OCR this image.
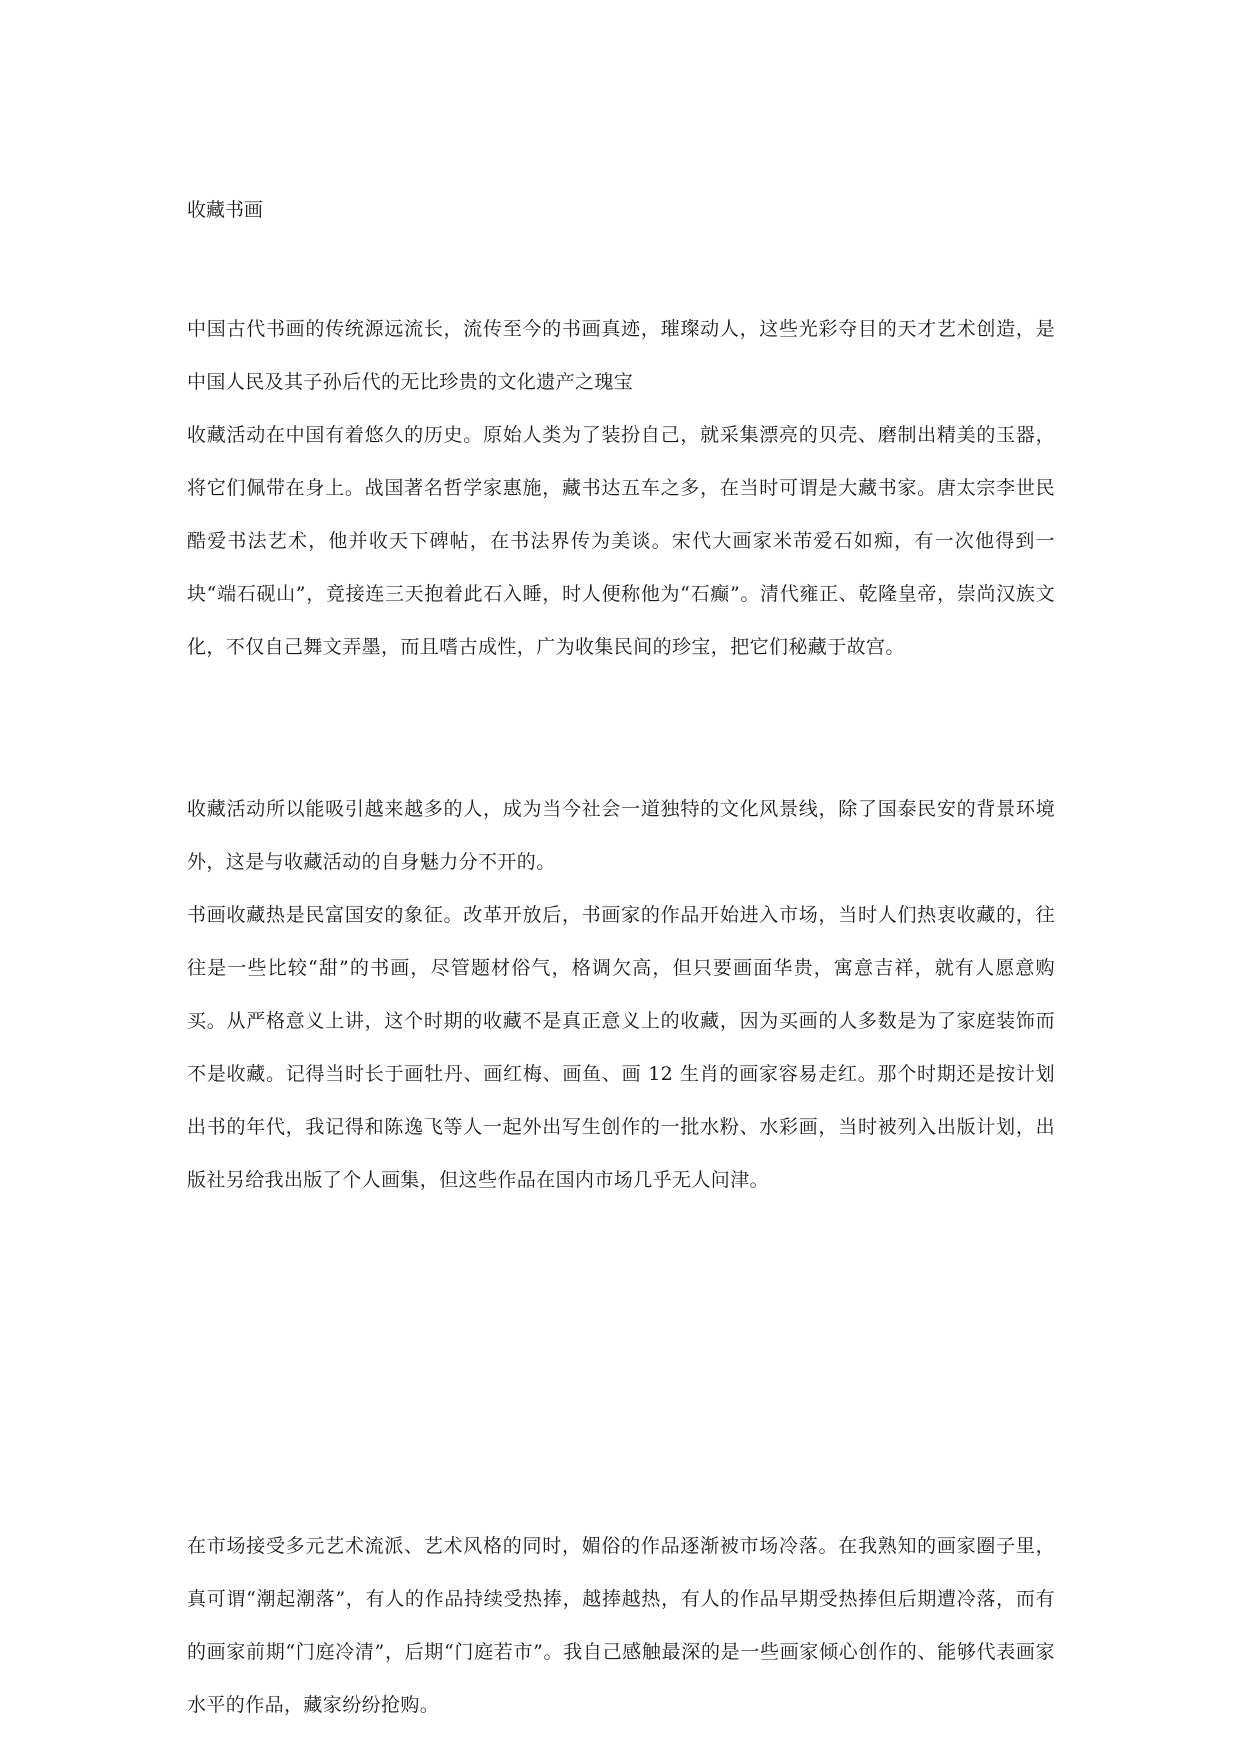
收藏书画

中国古代书画的传统源远流长，流传至今的书画真迹，璀璨动人，这些光彩夺目的天才艺术创造，是中国人民及其子孙后代的无比珍贵的文化遗产之瑰宝

收藏活动在中国有着悠久的历史。原始人类为了装扮自己，就采集漂亮的贝壳、磨制出精美的玉器，将它们佩带在身上。战国著名哲学家惠施，藏书达五车之多，在当时可谓是大藏书家。唐太宗李世民酷爱书法艺术，他并收天下碑帖，在书法界传为美谈。宋代大画家米芾爱石如痴，有一次他得到一块“端石砚山”，竟接连三天抱着此石入睡，时人便称他为“石癫”。清代雍正、乾隆皇帝，崇尚汉族文化，不仅自己舞文弄墨，而且嗜古成性，广为收集民间的珍宝，把它们秘藏于故宫。

收藏活动所以能吸引越来越多的人，成为当今社会一道独特的文化风景线，除了国泰民安的背景环境外，这是与收藏活动的自身魅力分不开的。

书画收藏热是民富国安的象征。改革开放后，书画家的作品开始进入市场，当时人们热衷收藏的，往往是一些比较“甜”的书画，尽管题材俗气，格调欠高，但只要画面华贵，寓意吉祥，就有人愿意购买。从严格意义上讲，这个时期的收藏不是真正意义上的收藏，因为买画的人多数是为了家庭装饰而不是收藏。记得当时长于画牡丹、画红梅、画鱼、画 12 生肖的画家容易走红。那个时期还是按计划出书的年代，我记得和陈逸飞等人一起外出写生创作的一批水粉、水彩画，当时被列入出版计划，出版社另给我出版了个人画集，但这些作品在国内市场几乎无人问津。

在市场接受多元艺术流派、艺术风格的同时，媚俗的作品逐渐被市场冷落。在我熟知的画家圈子里，真可谓“潮起潮落”，有人的作品持续受热捧，越捧越热，有人的作品早期受热捧但后期遭冷落，而有的画家前期“门庭冷清”，后期“门庭若市”。我自己感触最深的是一些画家倾心创作的、能够代表画家水平的作品，藏家纷纷抢购。
